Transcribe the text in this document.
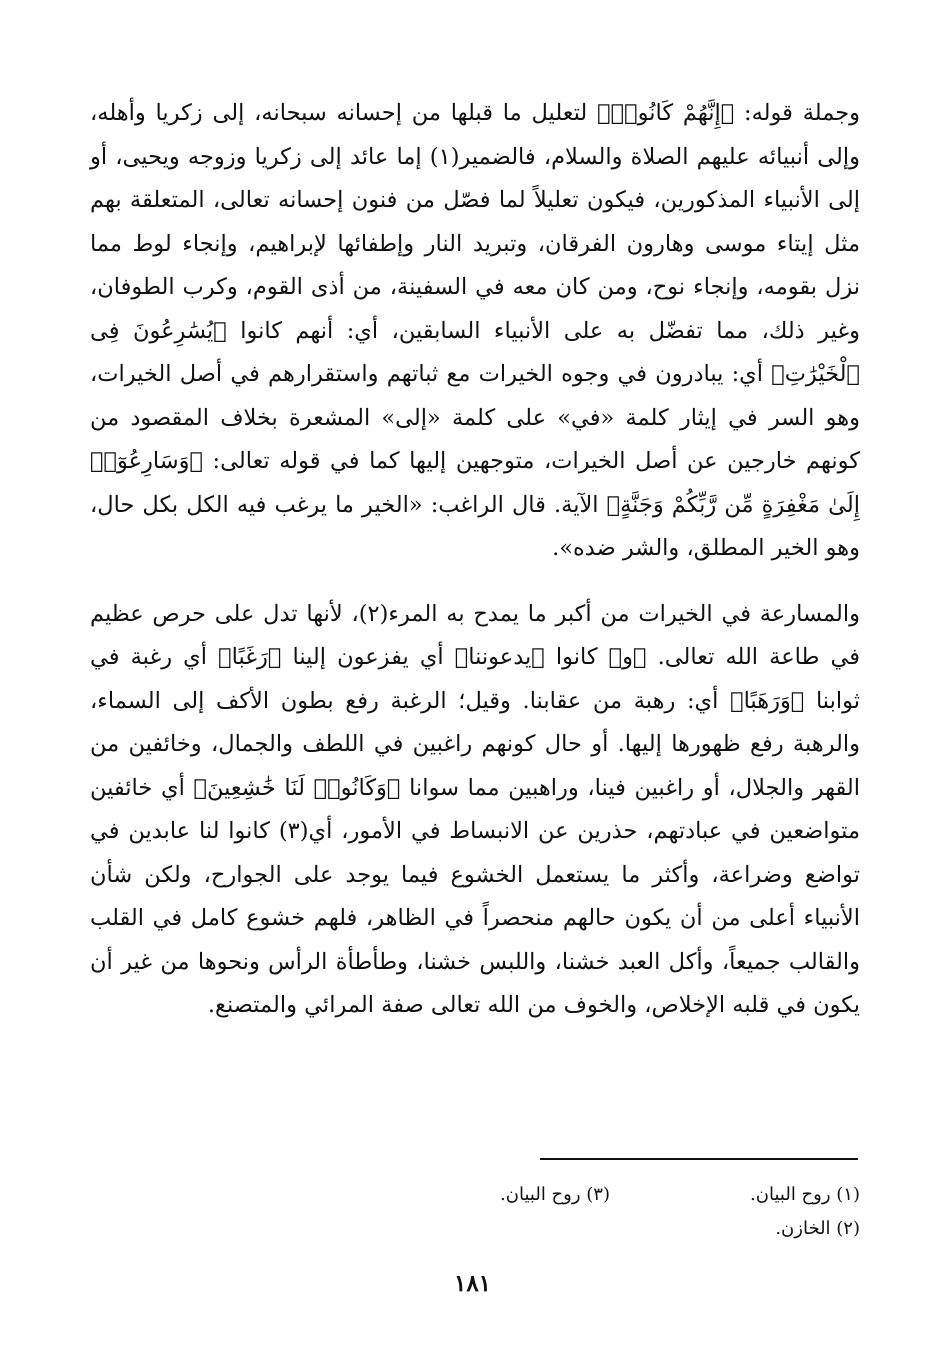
وجملة قوله: ﴿إِنَّهُمْ كَانُوا۟﴾ لتعليل ما قبلها من إحسانه سبحانه، إلى زكريا وأهله، وإلى أنبيائه عليهم الصلاة والسلام، فالضمير(١) إما عائد إلى زكريا وزوجه ويحيى، أو إلى الأنبياء المذكورين، فيكون تعليلاً لما فصّل من فنون إحسانه تعالى، المتعلقة بهم مثل إيتاء موسى وهارون الفرقان، وتبريد النار وإطفائها لإبراهيم، وإنجاء لوط مما نزل بقومه، وإنجاء نوح، ومن كان معه في السفينة، من أذى القوم، وكرب الطوفان، وغير ذلك، مما تفضّل به على الأنبياء السابقين، أي: أنهم كانوا ﴿يُسَٰرِعُونَ فِى ٱلْخَيْرَٰتِ﴾ أي: يبادرون في وجوه الخيرات مع ثباتهم واستقرارهم في أصل الخيرات، وهو السر في إيثار كلمة «في» على كلمة «إلى» المشعرة بخلاف المقصود من كونهم خارجين عن أصل الخيرات، متوجهين إليها كما في قوله تعالى: ﴿وَسَارِعُوٓا۟ إِلَىٰ مَغْفِرَةٍ مِّن رَّبِّكُمْ وَجَنَّةٍ﴾ الآية. قال الراغب: «الخير ما يرغب فيه الكل بكل حال، وهو الخير المطلق، والشر ضده».

والمسارعة في الخيرات من أكبر ما يمدح به المرء(٢)، لأنها تدل على حرص عظيم في طاعة الله تعالى. ﴿و﴾ كانوا ﴿يدعوننا﴾ أي يفزعون إلينا ﴿رَغَبًا﴾ أي رغبة في ثوابنا ﴿وَرَهَبًا﴾ أي: رهبة من عقابنا. وقيل؛ الرغبة رفع بطون الأكف إلى السماء، والرهبة رفع ظهورها إليها. أو حال كونهم راغبين في اللطف والجمال، وخائفين من القهر والجلال، أو راغبين فينا، وراهبين مما سوانا ﴿وَكَانُوا۟ لَنَا خَٰشِعِينَ﴾ أي خائفين متواضعين في عبادتهم، حذرين عن الانبساط في الأمور، أي(٣) كانوا لنا عابدين في تواضع وضراعة، وأكثر ما يستعمل الخشوع فيما يوجد على الجوارح، ولكن شأن الأنبياء أعلى من أن يكون حالهم منحصراً في الظاهر، فلهم خشوع كامل في القلب والقالب جميعاً، وأكل العبد خشنا، واللبس خشنا، وطأطأة الرأس ونحوها من غير أن يكون في قلبه الإخلاص، والخوف من الله تعالى صفة المرائي والمتصنع.

(١) روح البيان.
(٣) روح البيان.
(٢) الخازن.
١٨١
